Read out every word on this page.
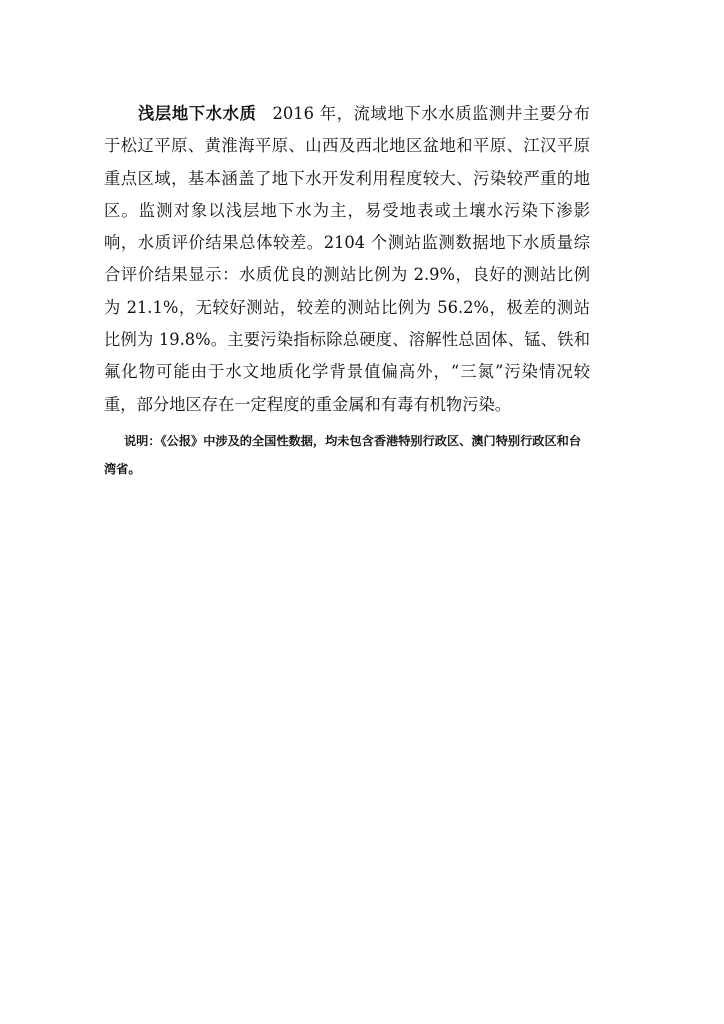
浅层地下水水质 2016 年，流域地下水水质监测井主要分布于松辽平原、黄淮海平原、山西及西北地区盆地和平原、江汉平原重点区域，基本涵盖了地下水开发利用程度较大、污染较严重的地区。监测对象以浅层地下水为主，易受地表或土壤水污染下渗影响，水质评价结果总体较差。2104 个测站监测数据地下水质量综合评价结果显示：水质优良的测站比例为 2.9%，良好的测站比例为 21.1%，无较好测站，较差的测站比例为 56.2%，极差的测站比例为 19.8%。主要污染指标除总硬度、溶解性总固体、锰、铁和氟化物可能由于水文地质化学背景值偏高外，“三氮”污染情况较重，部分地区存在一定程度的重金属和有毒有机物污染。

说明：《公报》中涉及的全国性数据，均未包含香港特别行政区、澳门特别行政区和台湾省。
